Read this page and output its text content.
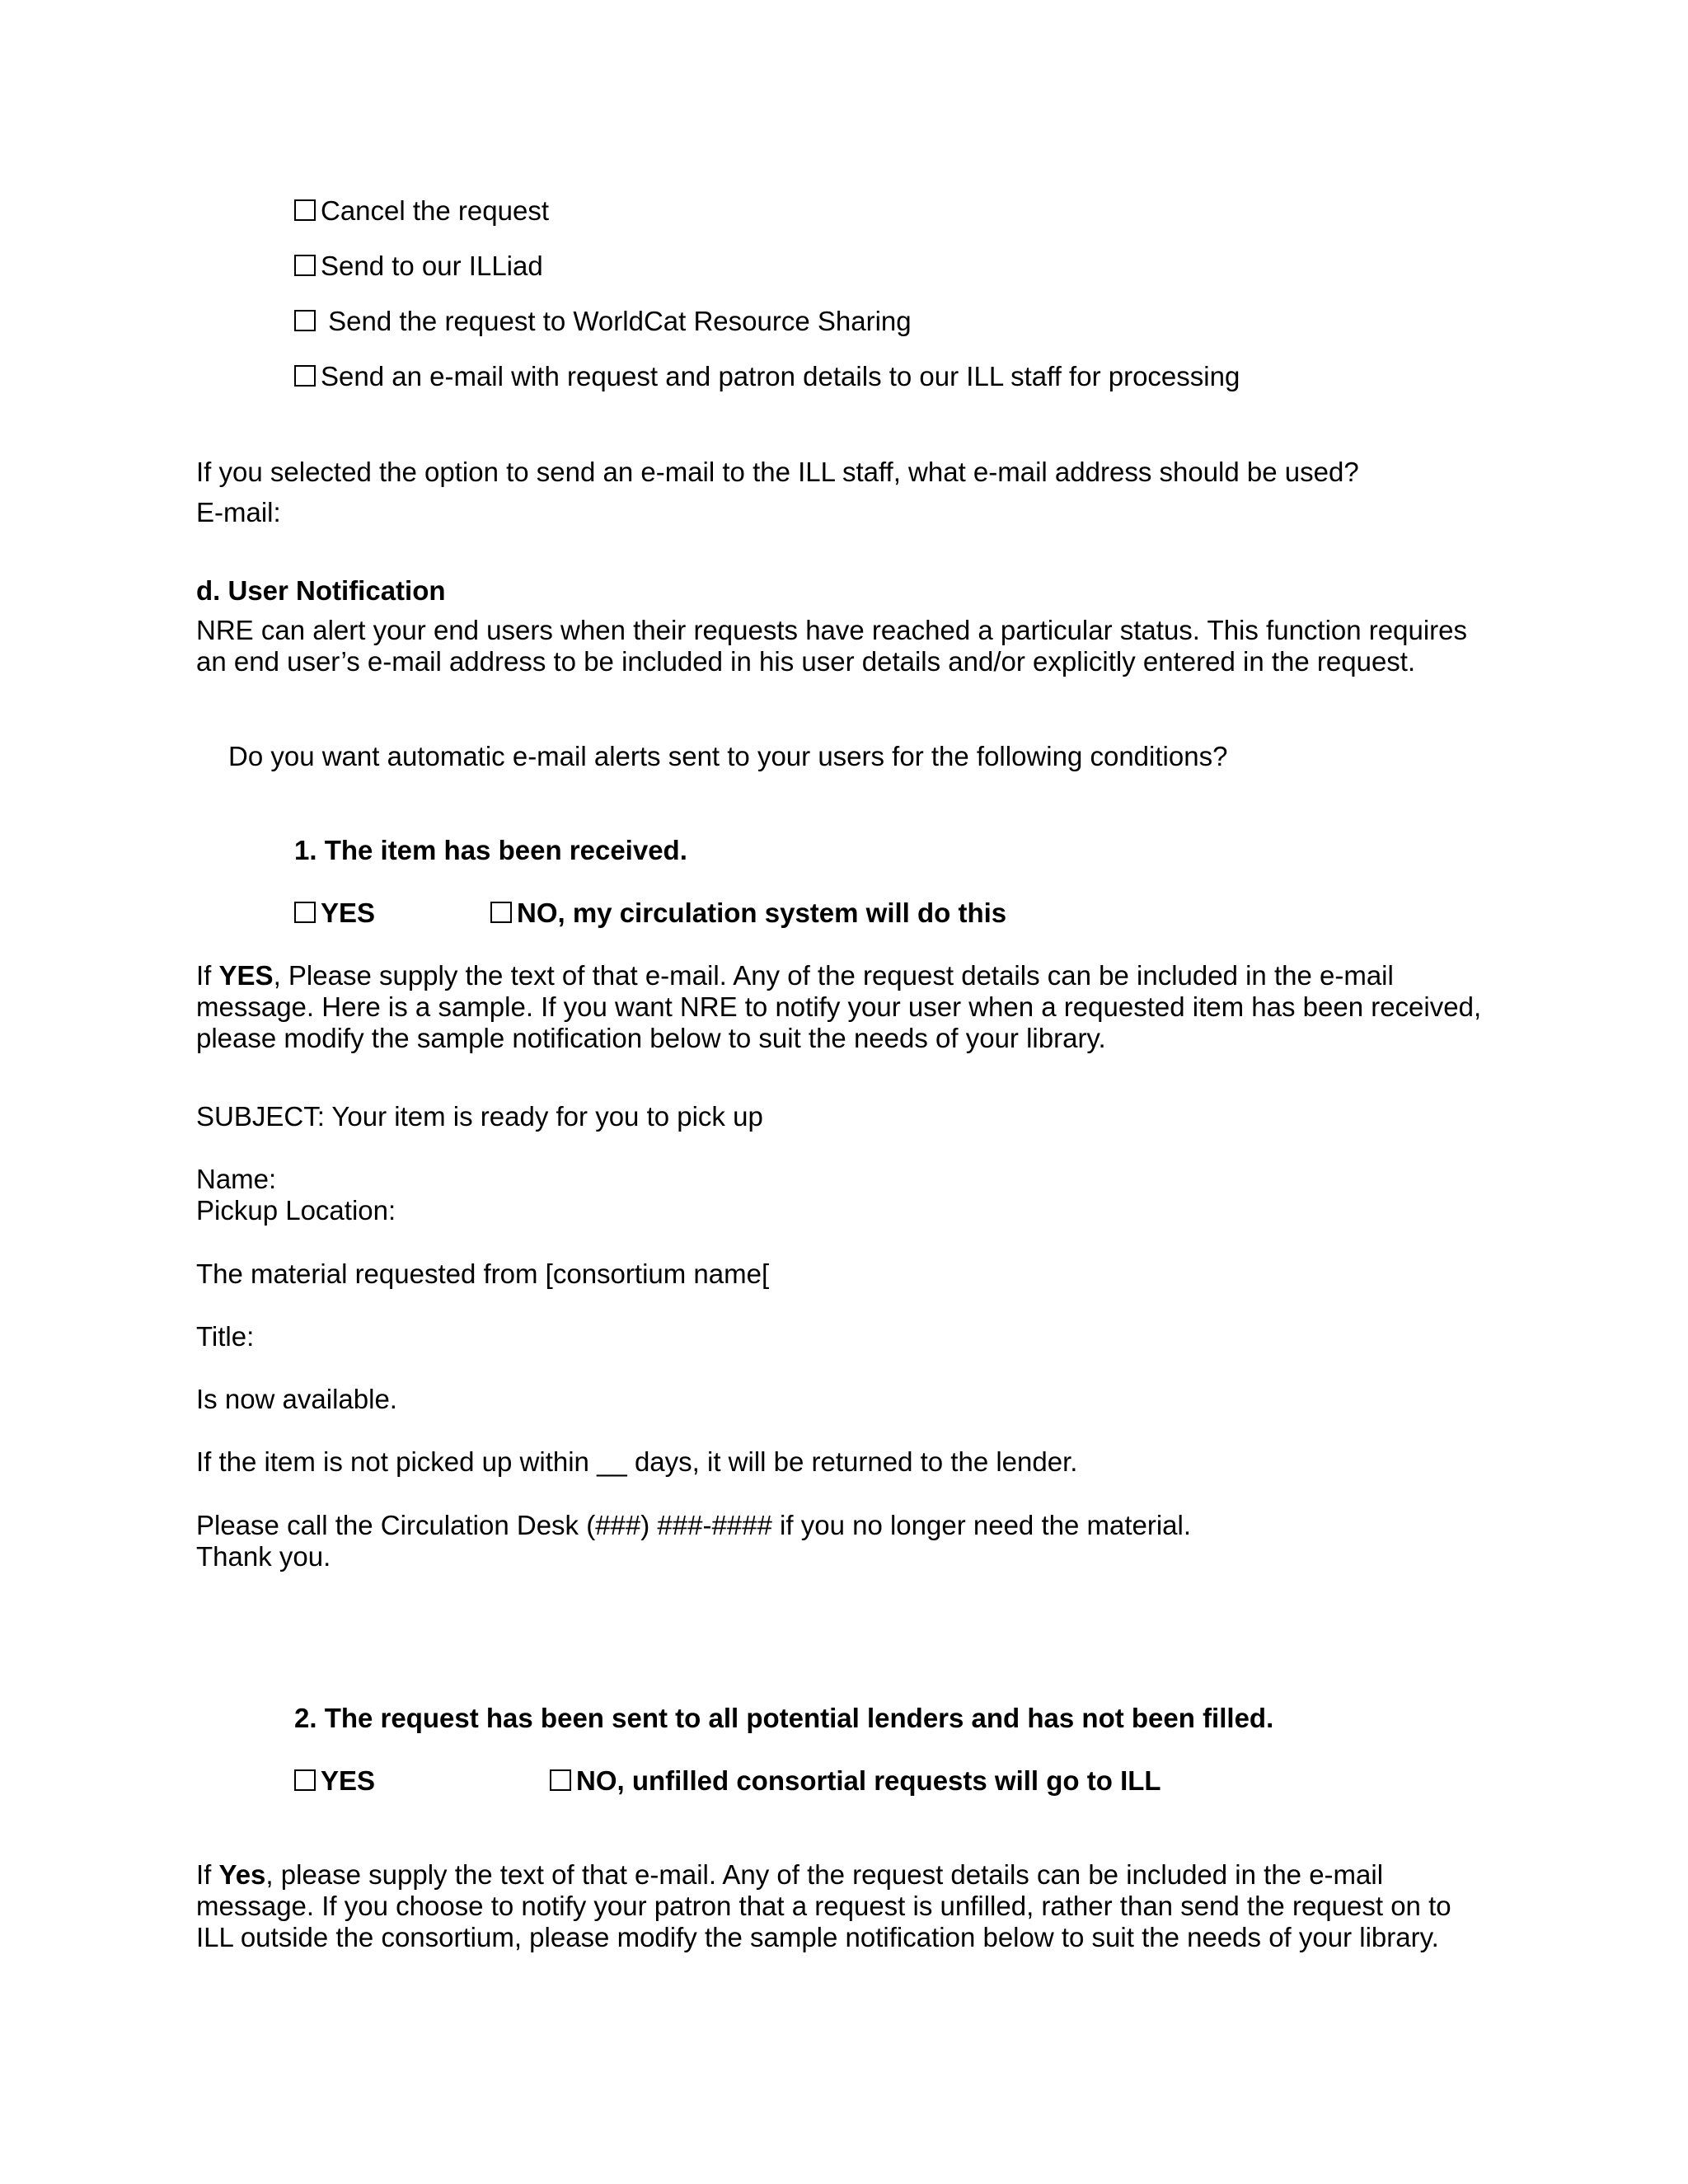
Cancel the request
Send to our ILLiad
Send the request to WorldCat Resource Sharing
Send an e-mail with request and patron details to our ILL staff for processing
If you selected the option to send an e-mail to the ILL staff, what e-mail address should be used?
E-mail:
d. User Notification
NRE can alert your end users when their requests have reached a particular status. This function requires an end user’s e-mail address to be included in his user details and/or explicitly entered in the request.
Do you want automatic e-mail alerts sent to your users for the following conditions?
1. The item has been received.
YES	NO, my circulation system will do this
If YES, Please supply the text of that e-mail. Any of the request details can be included in the e-mail message. Here is a sample. If you want NRE to notify your user when a requested item has been received, please modify the sample notification below to suit the needs of your library.
SUBJECT: Your item is ready for you to pick up
Name:
Pickup Location:
The material requested from [consortium name[
Title:
Is now available.
If the item is not picked up within __ days, it will be returned to the lender.
Please call the Circulation Desk (###) ###-#### if you no longer need the material.
Thank you.
2. The request has been sent to all potential lenders and has not been filled.
YES	NO, unfilled consortial requests will go to ILL
If Yes, please supply the text of that e-mail. Any of the request details can be included in the e-mail message. If you choose to notify your patron that a request is unfilled, rather than send the request on to ILL outside the consortium, please modify the sample notification below to suit the needs of your library.
